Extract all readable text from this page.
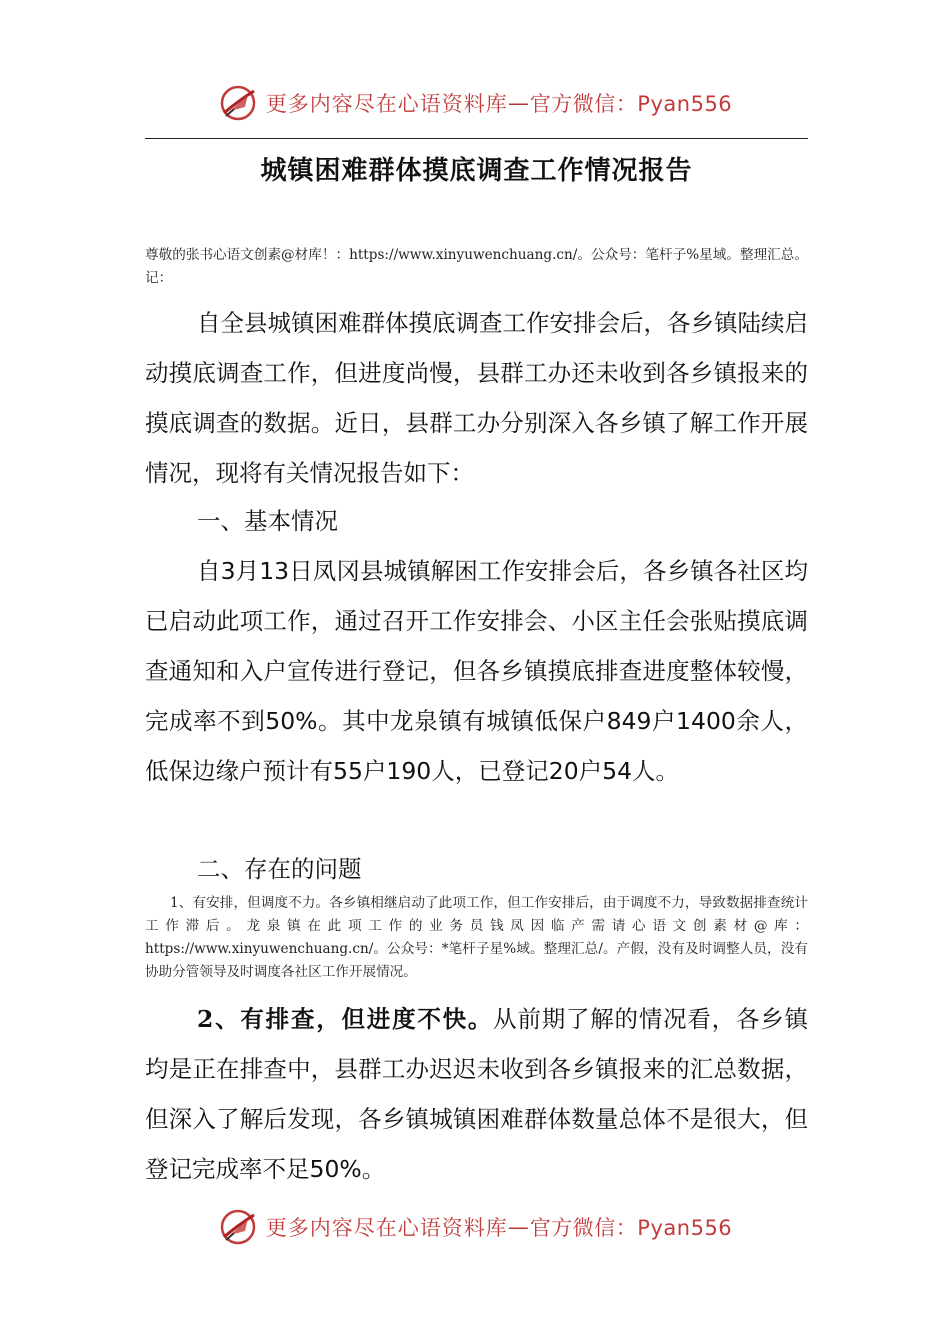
更多内容尽在心语资料库 — 官方微信：Pyan556
城镇困难群体摸底调查工作情况报告
尊敬的张书心语文创素@材库！：https://www.xinyuwenchuang.cn/。公众号：笔杆子%星域。整理汇总。记：
自全县城镇困难群体摸底调查工作安排会后，各乡镇陆续启动摸底调查工作，但进度尚慢，县群工办还未收到各乡镇报来的摸底调查的数据。近日，县群工办分别深入各乡镇了解工作开展情况，现将有关情况报告如下：
一、基本情况
自3月13日凤冈县城镇解困工作安排会后，各乡镇各社区均已启动此项工作，通过召开工作安排会、小区主任会张贴摸底调查通知和入户宣传进行登记，但各乡镇摸底排查进度整体较慢，完成率不到50%。其中龙泉镇有城镇低保户849户1400余人，低保边缘户预计有55户190人，已登记20户54人。
二、存在的问题
1、有安排，但调度不力。各乡镇相继启动了此项工作，但工作安排后，由于调度不力，导致数据排查统计工作滞后。龙泉镇在此项工作的业务员钱凤因临产需请心语文创素材@库：https://www.xinyuwenchuang.cn/。公众号：*笔杆子星%域。整理汇总/。产假，没有及时调整人员，没有协助分管领导及时调度各社区工作开展情况。
2、有排查，但进度不快。从前期了解的情况看，各乡镇均是正在排查中，县群工办迟迟未收到各乡镇报来的汇总数据，但深入了解后发现，各乡镇城镇困难群体数量总体不是很大，但登记完成率不足50%。
更多内容尽在心语资料库 — 官方微信：Pyan556
